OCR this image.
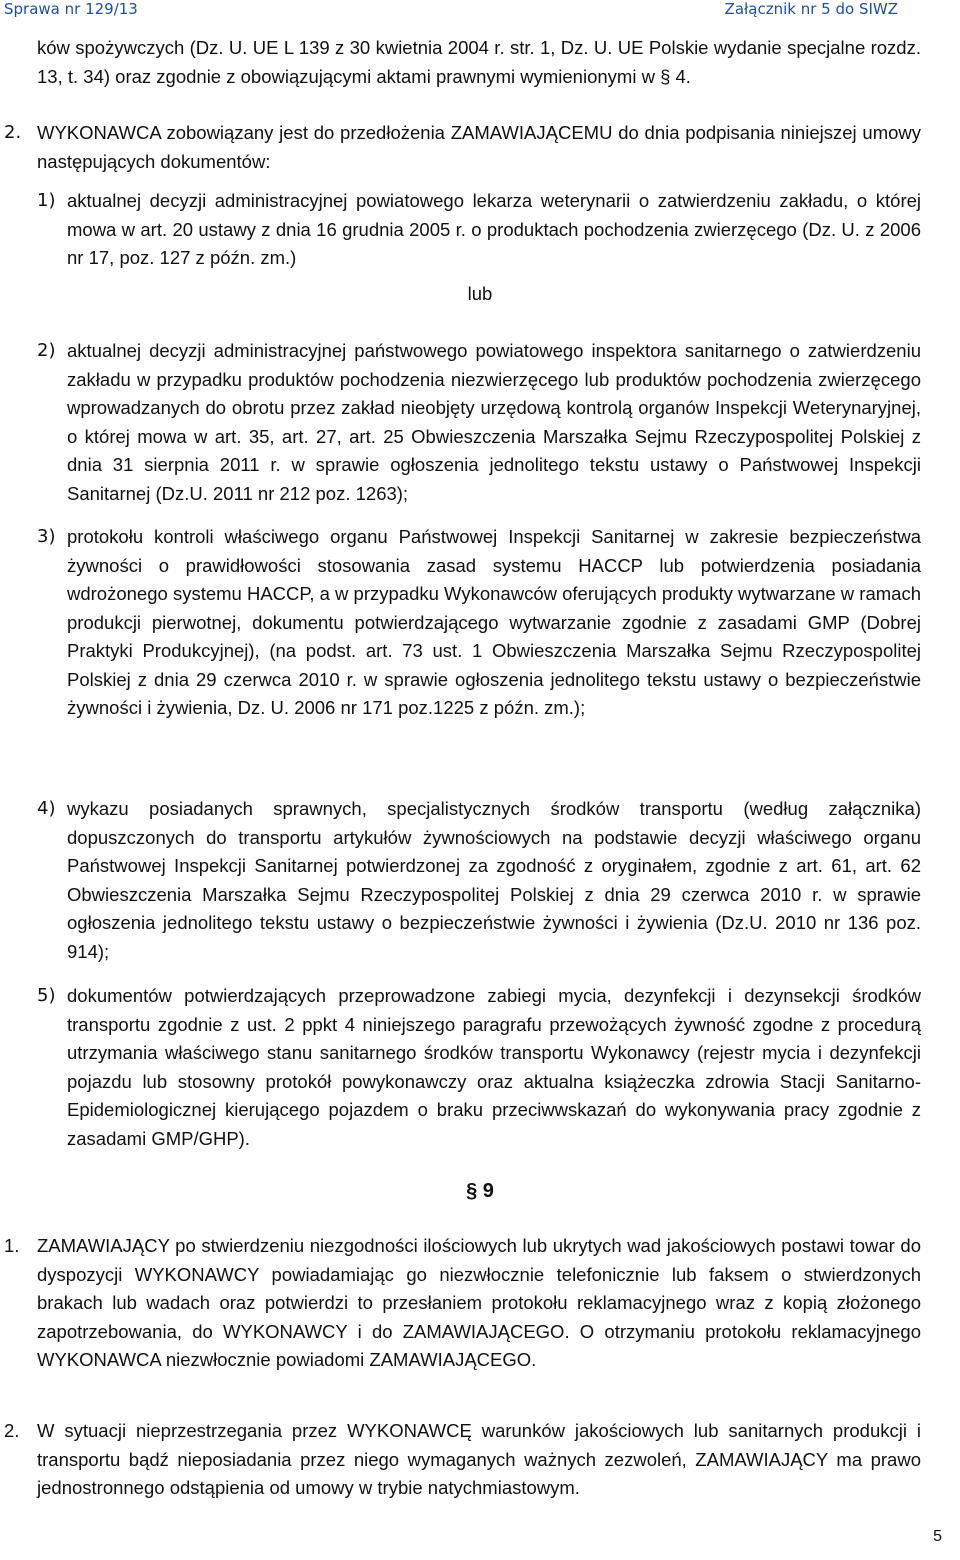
Sprawa nr 129/13	Załącznik nr 5 do SIWZ

ków spożywczych (Dz. U. UE L 139 z 30 kwietnia 2004 r. str. 1, Dz. U. UE Polskie wydanie specjalne rozdz. 13, t. 34) oraz zgodnie z obowiązującymi aktami prawnymi wymienionymi w § 4.

2. WYKONAWCA zobowiązany jest do przedłożenia ZAMAWIAJĄCEMU do dnia podpisania niniejszej umowy następujących dokumentów:
1) aktualnej decyzji administracyjnej powiatowego lekarza weterynarii o zatwierdzeniu zakładu, o której mowa w art. 20 ustawy z dnia 16 grudnia 2005 r. o produktach pochodzenia zwierzęcego (Dz. U. z 2006 nr 17, poz. 127 z późn. zm.)
lub
2) aktualnej decyzji administracyjnej państwowego powiatowego inspektora sanitarnego o zatwierdzeniu zakładu w przypadku produktów pochodzenia niezwierzęcego lub produktów pochodzenia zwierzęcego wprowadzanych do obrotu przez zakład nieobjęty urzędową kontrolą organów Inspekcji Weterynaryjnej, o której mowa w art. 35, art. 27, art. 25 Obwieszczenia Marszałka Sejmu Rzeczypospolitej Polskiej z dnia 31 sierpnia 2011 r. w sprawie ogłoszenia jednolitego tekstu ustawy o Państwowej Inspekcji Sanitarnej (Dz.U. 2011 nr 212 poz. 1263);
3) protokołu kontroli właściwego organu Państwowej Inspekcji Sanitarnej w zakresie bezpieczeństwa żywności o prawidłowości stosowania zasad systemu HACCP lub potwierdzenia posiadania wdrożonego systemu HACCP, a w przypadku Wykonawców oferujących produkty wytwarzane w ramach produkcji pierwotnej, dokumentu potwierdzającego wytwarzanie zgodnie z zasadami GMP (Dobrej Praktyki Produkcyjnej), (na podst. art. 73 ust. 1 Obwieszczenia Marszałka Sejmu Rzeczypospolitej Polskiej z dnia 29 czerwca 2010 r. w sprawie ogłoszenia jednolitego tekstu ustawy o bezpieczeństwie żywności i żywienia, Dz. U. 2006 nr 171 poz.1225 z późn. zm.);
4) wykazu posiadanych sprawnych, specjalistycznych środków transportu (według załącznika) dopuszczonych do transportu artykułów żywnościowych na podstawie decyzji właściwego organu Państwowej Inspekcji Sanitarnej potwierdzonej za zgodność z oryginałem, zgodnie z art. 61, art. 62 Obwieszczenia Marszałka Sejmu Rzeczypospolitej Polskiej z dnia 29 czerwca 2010 r. w sprawie ogłoszenia jednolitego tekstu ustawy o bezpieczeństwie żywności i żywienia (Dz.U. 2010 nr 136 poz. 914);
5) dokumentów potwierdzających przeprowadzone zabiegi mycia, dezynfekcji i dezynsekcji środków transportu zgodnie z ust. 2 ppkt 4 niniejszego paragrafu przewożących żywność zgodne z procedurą utrzymania właściwego stanu sanitarnego środków transportu Wykonawcy (rejestr mycia i dezynfekcji pojazdu lub stosowny protokół powykonawczy oraz aktualna książeczka zdrowia Stacji Sanitarno-Epidemiologicznej kierującego pojazdem o braku przeciwwskazań do wykonywania pracy zgodnie z zasadami GMP/GHP).
§ 9
1. ZAMAWIAJĄCY po stwierdzeniu niezgodności ilościowych lub ukrytych wad jakościowych postawi towar do dyspozycji WYKONAWCY powiadamiając go niezwłocznie telefonicznie lub faksem o stwierdzonych brakach lub wadach oraz potwierdzi to przesłaniem protokołu reklamacyjnego wraz z kopią złożonego zapotrzebowania, do WYKONAWCY i do ZAMAWIAJĄCEGO. O otrzymaniu protokołu reklamacyjnego WYKONAWCA niezwłocznie powiadomi ZAMAWIAJĄCEGO.
2. W sytuacji nieprzestrzegania przez WYKONAWCĘ warunków jakościowych lub sanitarnych produkcji i transportu bądź nieposiadania przez niego wymaganych ważnych zezwoleń, ZAMAWIAJĄCY ma prawo jednostronnego odstąpienia od umowy w trybie natychmiastowym.
5
